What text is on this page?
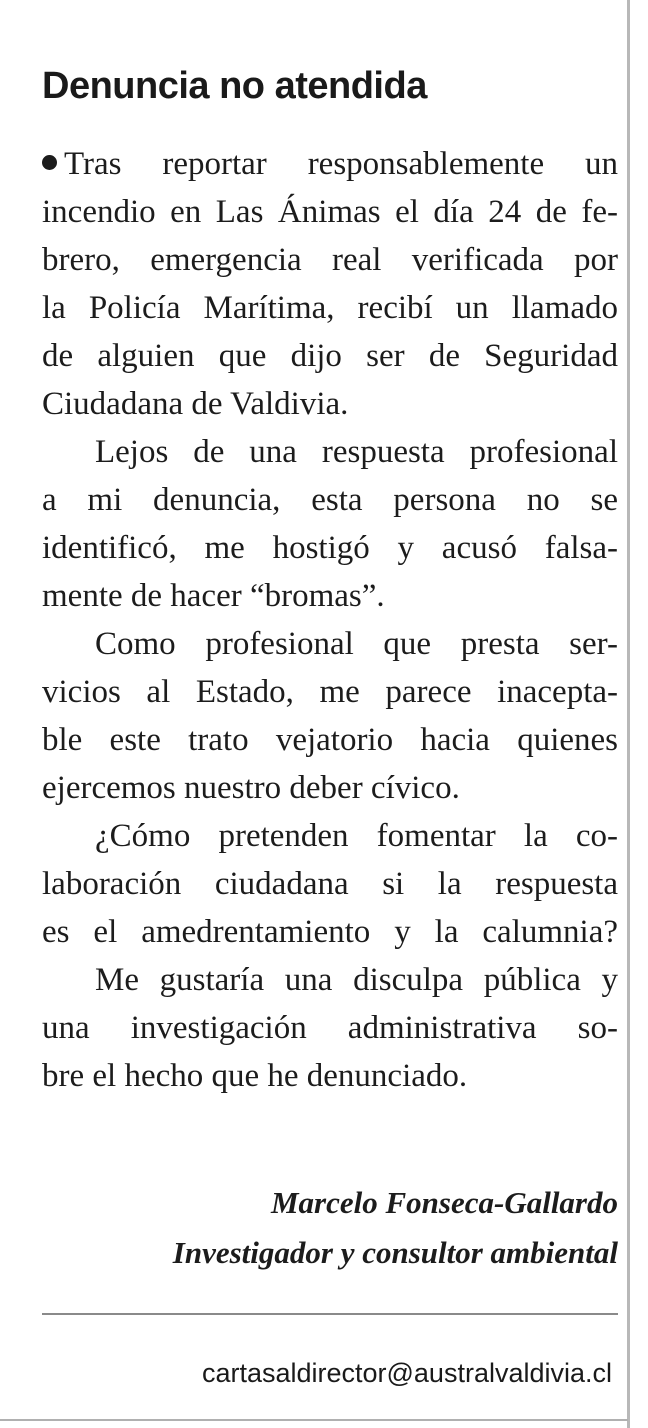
Denuncia no atendida
Tras reportar responsablemente un
incendio en Las Ánimas el día 24 de fe-
brero, emergencia real verificada por
la Policía Marítima, recibí un llamado
de alguien que dijo ser de Seguridad
Ciudadana de Valdivia.
Lejos de una respuesta profesional
a mi denuncia, esta persona no se
identificó, me hostigó y acusó falsa-
mente de hacer “bromas”.
Como profesional que presta ser-
vicios al Estado, me parece inacepta-
ble este trato vejatorio hacia quienes
ejercemos nuestro deber cívico.
¿Cómo pretenden fomentar la co-
laboración ciudadana si la respuesta
es el amedrentamiento y la calumnia?
Me gustaría una disculpa pública y
una investigación administrativa so-
bre el hecho que he denunciado.
Marcelo Fonseca-Gallardo
Investigador y consultor ambiental
cartasaldirector@australvaldivia.cl
